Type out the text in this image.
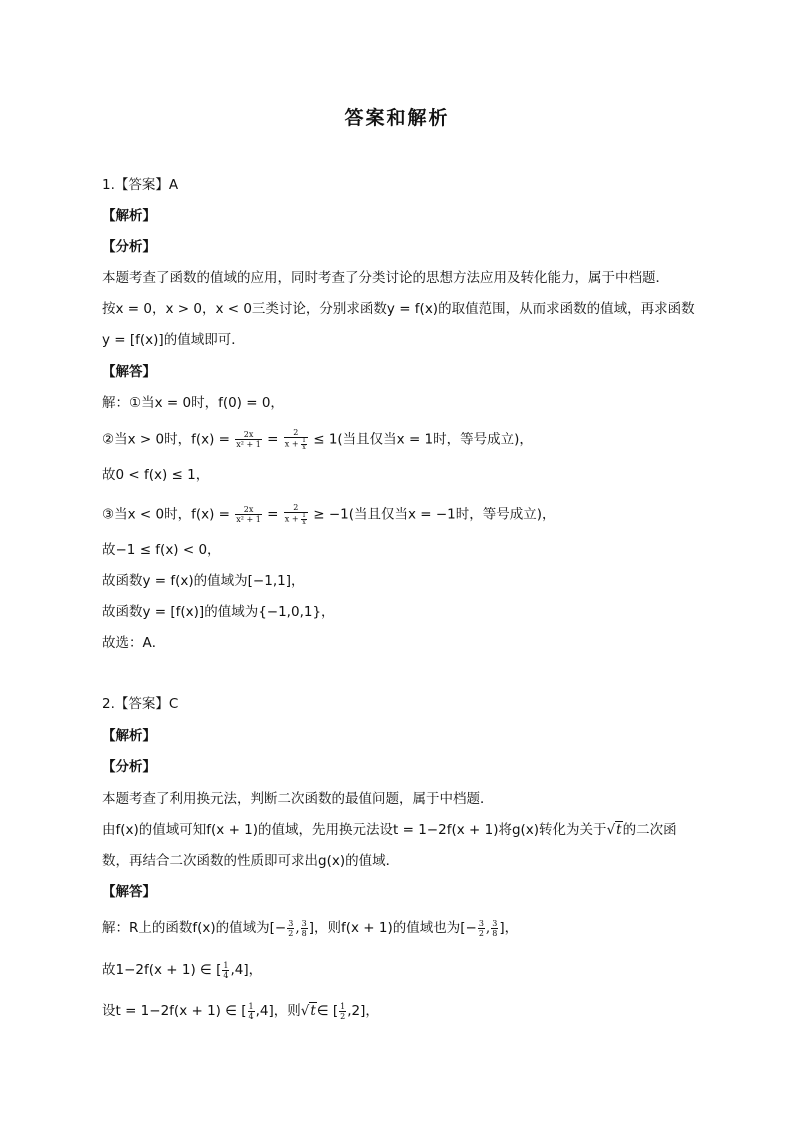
答案和解析
1.【答案】A
【解析】
【分析】
本题考查了函数的值域的应用，同时考查了分类讨论的思想方法应用及转化能力，属于中档题．
按x = 0，x > 0，x < 0三类讨论，分别求函数y = f(x)的取值范围，从而求函数的值域，再求函数
y = [f(x)]的值域即可．
【解答】
解：①当x = 0时，f(0) = 0，
②当x > 0时，$f(x) = \frac{2x}{\text{x² + 1}} = \frac{2}{x + \frac{1}{x}} \le 1$(当且仅当x = 1时，等号成立)，
故0 < f(x) ≤ 1，
③当x < 0时，$f(x) = \frac{2x}{\text{x² + 1}} = \frac{2}{x + \frac{1}{x}} \ge -1$(当且仅当x = −1时，等号成立)，
故−1 ≤ f(x) < 0，
故函数y = f(x)的值域为[−1,1]，
故函数y = [f(x)]的值域为{−1,0,1}，
故选：A．
2.【答案】C
【解析】
【分析】
本题考查了利用换元法，判断二次函数的最值问题，属于中档题．
由f(x)的值域可知f(x + 1)的值域，先用换元法设t = 1−2f(x + 1)将g(x)转化为关于√t的二次函
数，再结合二次函数的性质即可求出g(x)的值域．
【解答】
解：R上的函数f(x)的值域为[− $\frac{3}{2}$ , $\frac{3}{8}$ ]，则f(x + 1)的值域也为[− $\frac{3}{2}$ , $\frac{3}{8}$ ]，
故1−2f(x + 1) ∈ [ $\frac{1}{4} ,4$]，
设t = 1−2f(x + 1) ∈ [ $\frac{1}{4} ,4$]，则√t∈ [ $\frac{1}{2} ,2$]，
